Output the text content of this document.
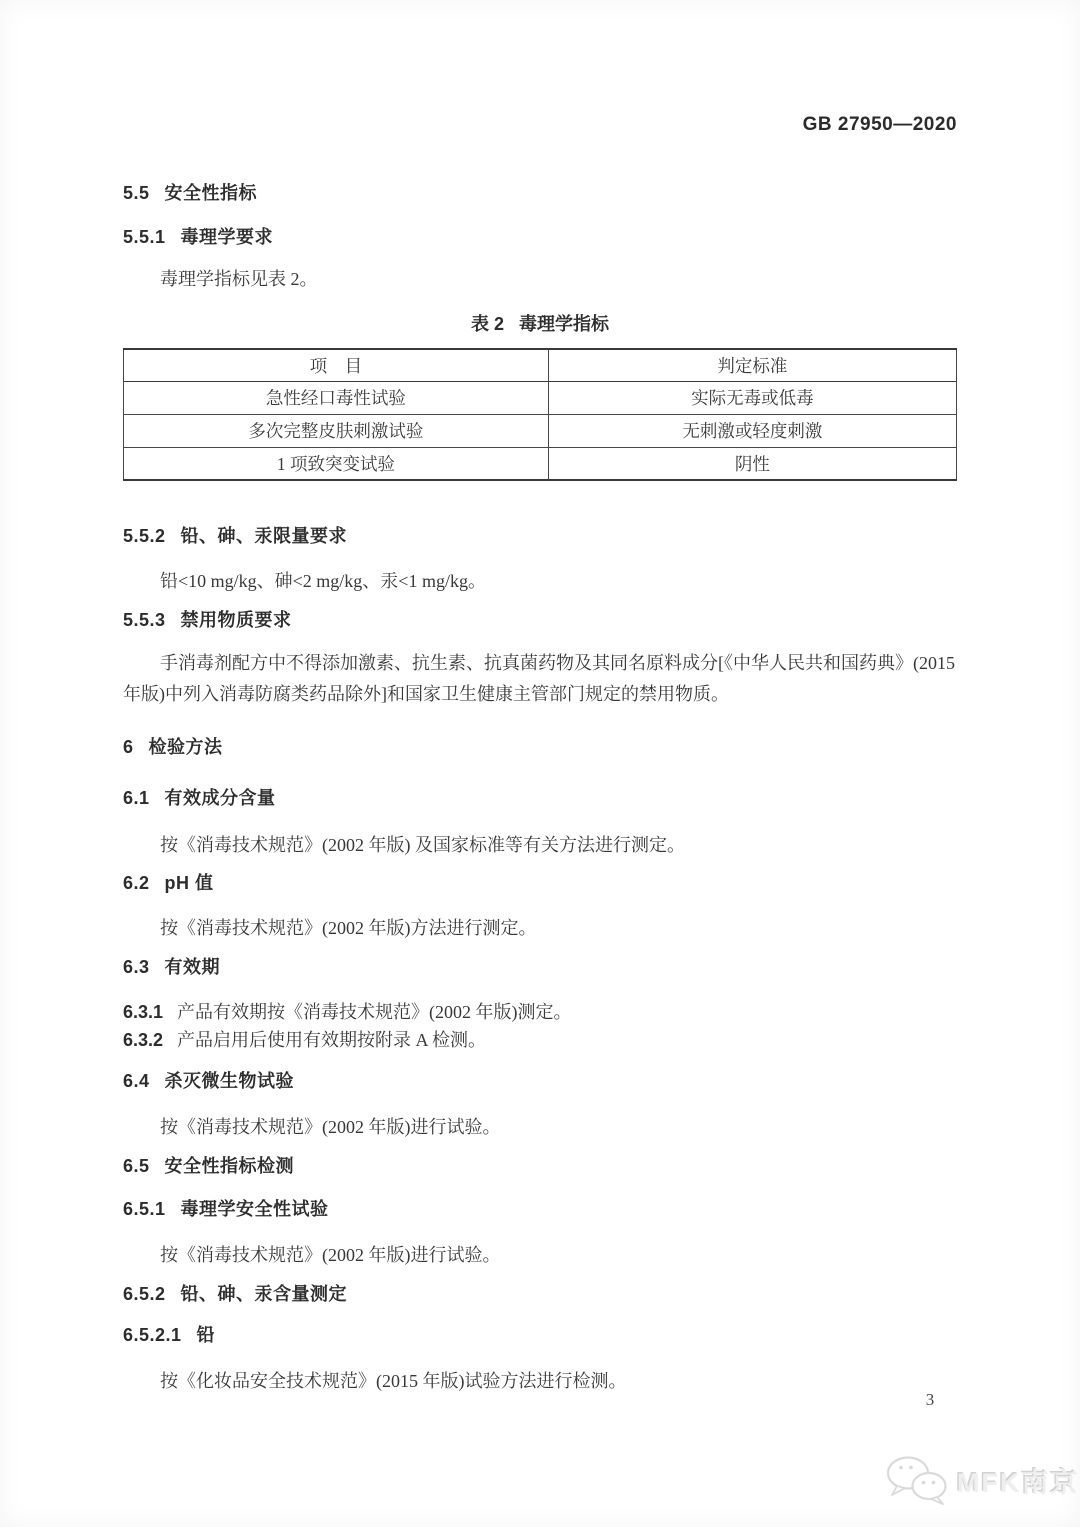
GB 27950—2020
5.5 安全性指标
5.5.1 毒理学要求
毒理学指标见表 2。
表 2 毒理学指标
项    目	判定标准
急性经口毒性试验	实际无毒或低毒
多次完整皮肤刺激试验	无刺激或轻度刺激
1 项致突变试验	阴性
5.5.2 铅、砷、汞限量要求
铅<10 mg/kg、砷<2 mg/kg、汞<1 mg/kg。
5.5.3 禁用物质要求
手消毒剂配方中不得添加激素、抗生素、抗真菌药物及其同名原料成分[《中华人民共和国药典》(2015 年版)中列入消毒防腐类药品除外]和国家卫生健康主管部门规定的禁用物质。
6 检验方法
6.1 有效成分含量
按《消毒技术规范》(2002 年版) 及国家标准等有关方法进行测定。
6.2 pH 值
按《消毒技术规范》(2002 年版)方法进行测定。
6.3 有效期
6.3.1 产品有效期按《消毒技术规范》(2002 年版)测定。
6.3.2 产品启用后使用有效期按附录 A 检测。
6.4 杀灭微生物试验
按《消毒技术规范》(2002 年版)进行试验。
6.5 安全性指标检测
6.5.1 毒理学安全性试验
按《消毒技术规范》(2002 年版)进行试验。
6.5.2 铅、砷、汞含量测定
6.5.2.1 铅
按《化妆品安全技术规范》(2015 年版)试验方法进行检测。
3
MFK南京
